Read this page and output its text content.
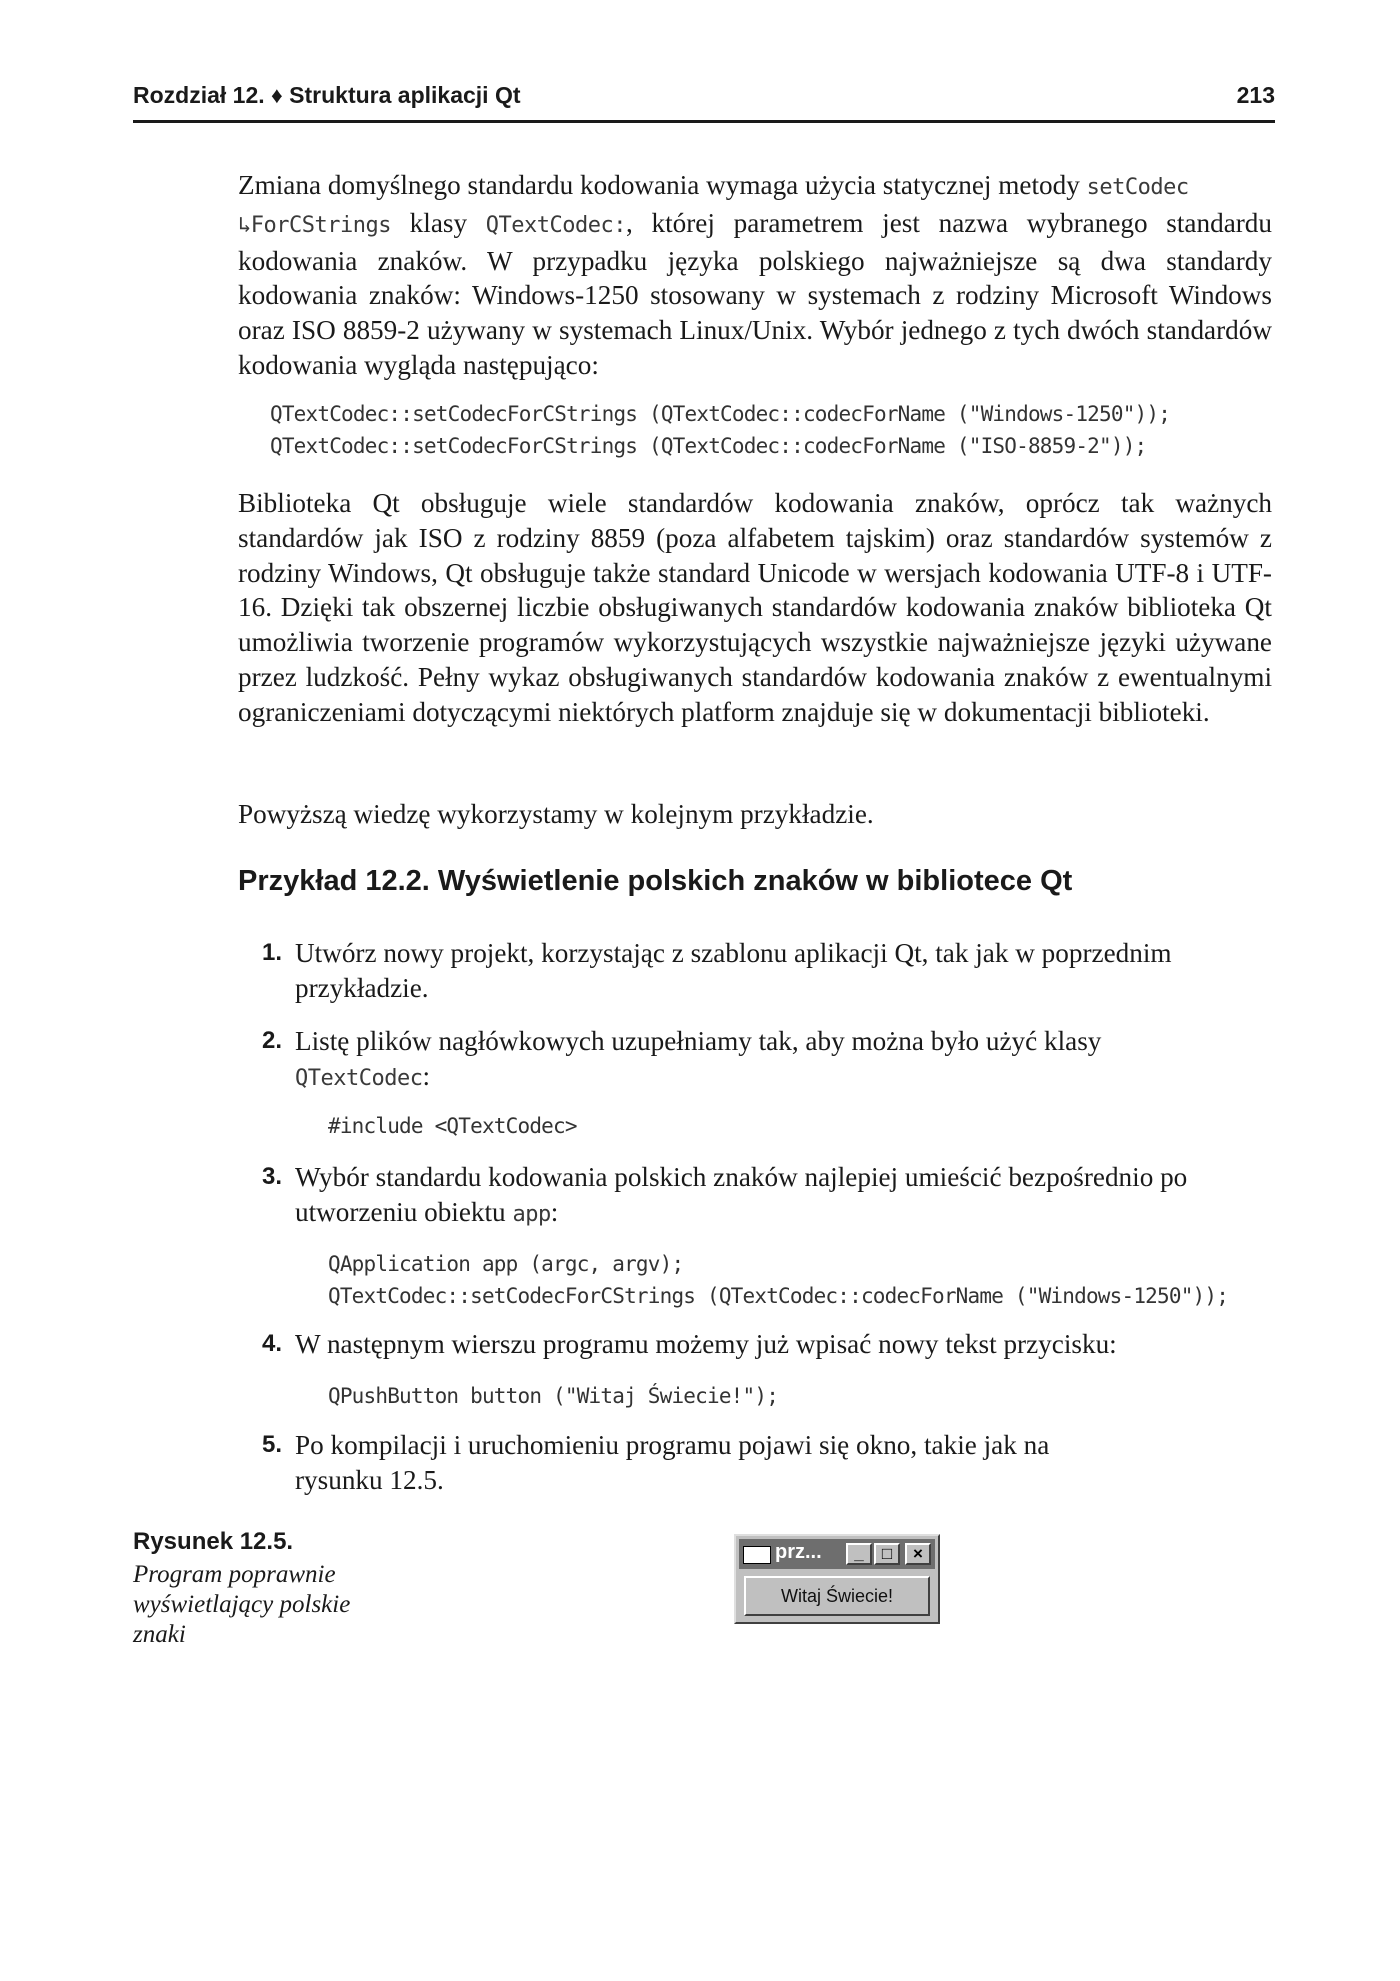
Rozdział 12. ♦ Struktura aplikacji Qt	213

Zmiana domyślnego standardu kodowania wymaga użycia statycznej metody setCodec
↳ForCStrings klasy QTextCodec:, której parametrem jest nazwa wybranego standardu kodowania znaków. W przypadku języka polskiego najważniejsze są dwa standardy kodowania znaków: Windows-1250 stosowany w systemach z rodziny Microsoft Windows oraz ISO 8859-2 używany w systemach Linux/Unix. Wybór jednego z tych dwóch standardów kodowania wygląda następująco:

QTextCodec::setCodecForCStrings (QTextCodec::codecForName ("Windows-1250"));
QTextCodec::setCodecForCStrings (QTextCodec::codecForName ("ISO-8859-2"));

Biblioteka Qt obsługuje wiele standardów kodowania znaków, oprócz tak ważnych standardów jak ISO z rodziny 8859 (poza alfabetem tajskim) oraz standardów systemów z rodziny Windows, Qt obsługuje także standard Unicode w wersjach kodowania UTF-8 i UTF-16. Dzięki tak obszernej liczbie obsługiwanych standardów kodowania znaków biblioteka Qt umożliwia tworzenie programów wykorzystujących wszystkie najważniejsze języki używane przez ludzkość. Pełny wykaz obsługiwanych standardów kodowania znaków z ewentualnymi ograniczeniami dotyczącymi niektórych platform znajduje się w dokumentacji biblioteki.

Powyższą wiedzę wykorzystamy w kolejnym przykładzie.

Przykład 12.2. Wyświetlenie polskich znaków w bibliotece Qt
1. Utwórz nowy projekt, korzystając z szablonu aplikacji Qt, tak jak w poprzednim przykładzie.
2. Listę plików nagłówkowych uzupełniamy tak, aby można było użyć klasy
QTextCodec:
#include <QTextCodec>
3. Wybór standardu kodowania polskich znaków najlepiej umieścić bezpośrednio po utworzeniu obiektu app:
QApplication app (argc, argv);
QTextCodec::setCodecForCStrings (QTextCodec::codecForName ("Windows-1250"));
4. W następnym wierszu programu możemy już wpisać nowy tekst przycisku:
QPushButton button ("Witaj Świecie!");
5. Po kompilacji i uruchomieniu programu pojawi się okno, takie jak na rysunku 12.5.
Rysunek 12.5.
Program poprawnie wyświetlający polskie znaki
prz...	_	□	×
Witaj Świecie!
